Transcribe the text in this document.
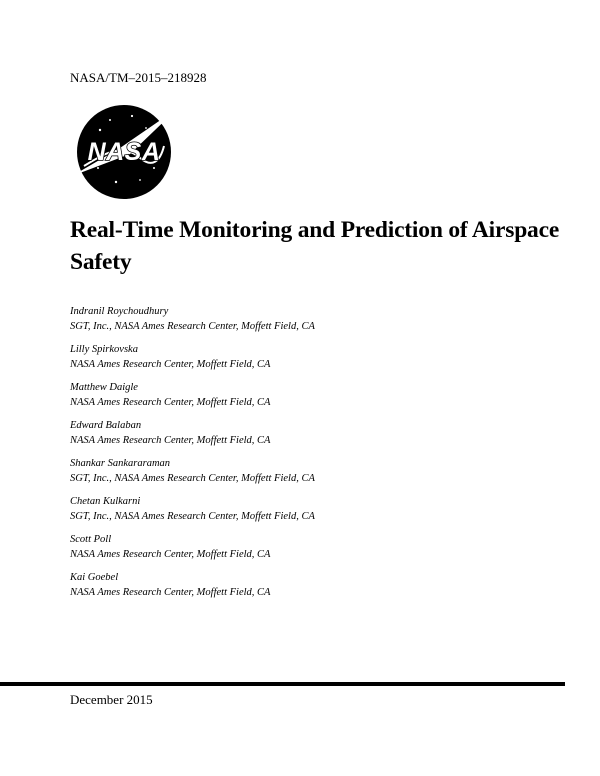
NASA/TM–2015–218928
NASA
Real-Time Monitoring and Prediction of Airspace Safety
Indranil Roychoudhury
SGT, Inc., NASA Ames Research Center, Moffett Field, CA
Lilly Spirkovska
NASA Ames Research Center, Moffett Field, CA
Matthew Daigle
NASA Ames Research Center, Moffett Field, CA
Edward Balaban
NASA Ames Research Center, Moffett Field, CA
Shankar Sankararaman
SGT, Inc., NASA Ames Research Center, Moffett Field, CA
Chetan Kulkarni
SGT, Inc., NASA Ames Research Center, Moffett Field, CA
Scott Poll
NASA Ames Research Center, Moffett Field, CA
Kai Goebel
NASA Ames Research Center, Moffett Field, CA
December 2015
